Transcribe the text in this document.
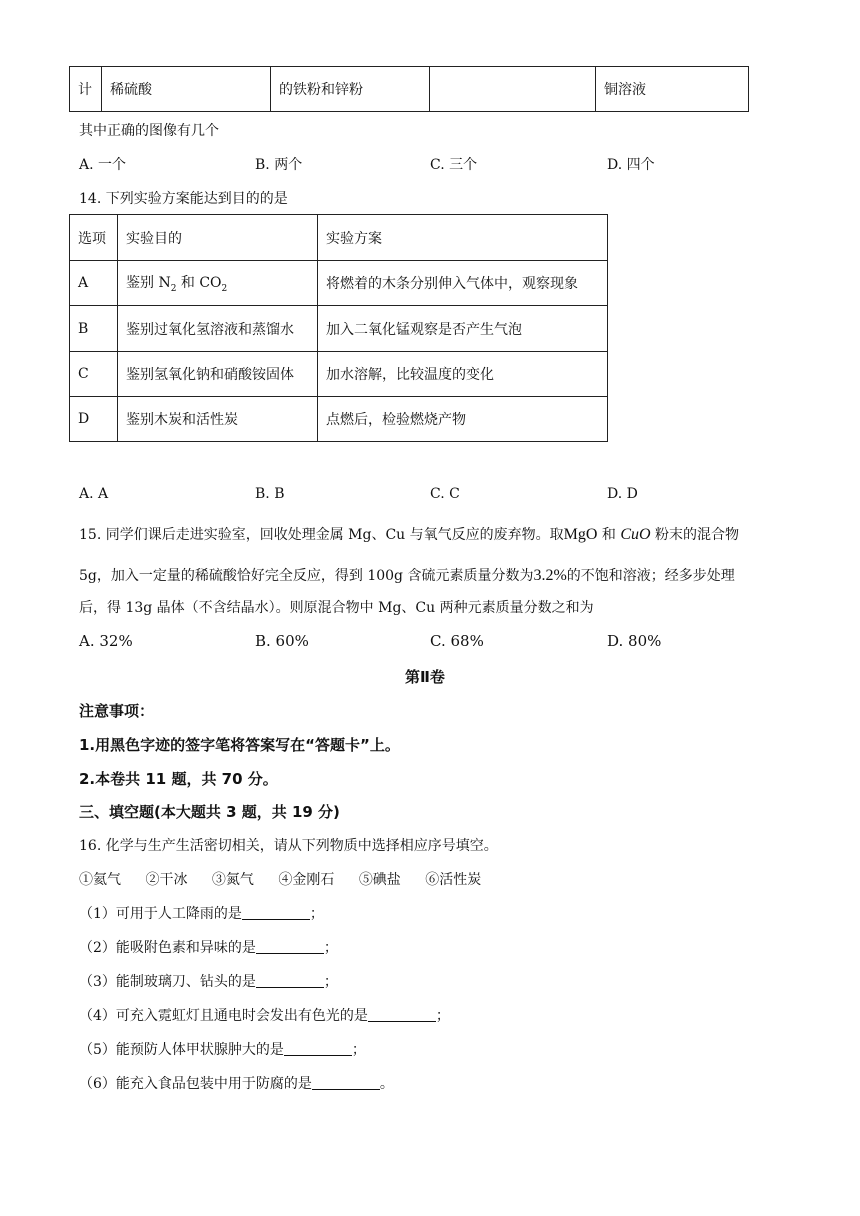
计	稀硫酸	的铁粉和锌粉		铜溶液
其中正确的图像有几个
A. 一个	B. 两个	C. 三个	D. 四个
14. 下列实验方案能达到目的的是
选项	实验目的	实验方案
A	鉴别 $N_2$ 和 $CO_2$	将燃着的木条分别伸入气体中，观察现象
B	鉴别过氧化氢溶液和蒸馏水	加入二氧化锰观察是否产生气泡
C	鉴别氢氧化钠和硝酸铵固体	加水溶解，比较温度的变化
D	鉴别木炭和活性炭	点燃后，检验燃烧产物
A. A	B. B	C. C	D. D
15. 同学们课后走进实验室，回收处理金属 Mg、Cu 与氧气反应的废弃物。取MgO 和 CuO 粉末的混合物
5g，加入一定量的稀硫酸恰好完全反应，得到 100g 含硫元素质量分数为3.2%的不饱和溶液；经多步处理
后，得 13g 晶体（不含结晶水）。则原混合物中 Mg、Cu 两种元素质量分数之和为
A. 32%	B. 60%	C. 68%	D. 80%
第Ⅱ卷
注意事项：
1.用黑色字迹的签字笔将答案写在“答题卡”上。
2.本卷共 11 题，共 70 分。
三、填空题(本大题共 3 题，共 19 分)
16. 化学与生产生活密切相关，请从下列物质中选择相应序号填空。
①氦气 ②干冰 ③氮气 ④金刚石 ⑤碘盐 ⑥活性炭
（1）可用于人工降雨的是	；
（2）能吸附色素和异味的是	；
（3）能制玻璃刀、钻头的是	；
（4）可充入霓虹灯且通电时会发出有色光的是	；
（5）能预防人体甲状腺肿大的是	；
（6）能充入食品包装中用于防腐的是	。
